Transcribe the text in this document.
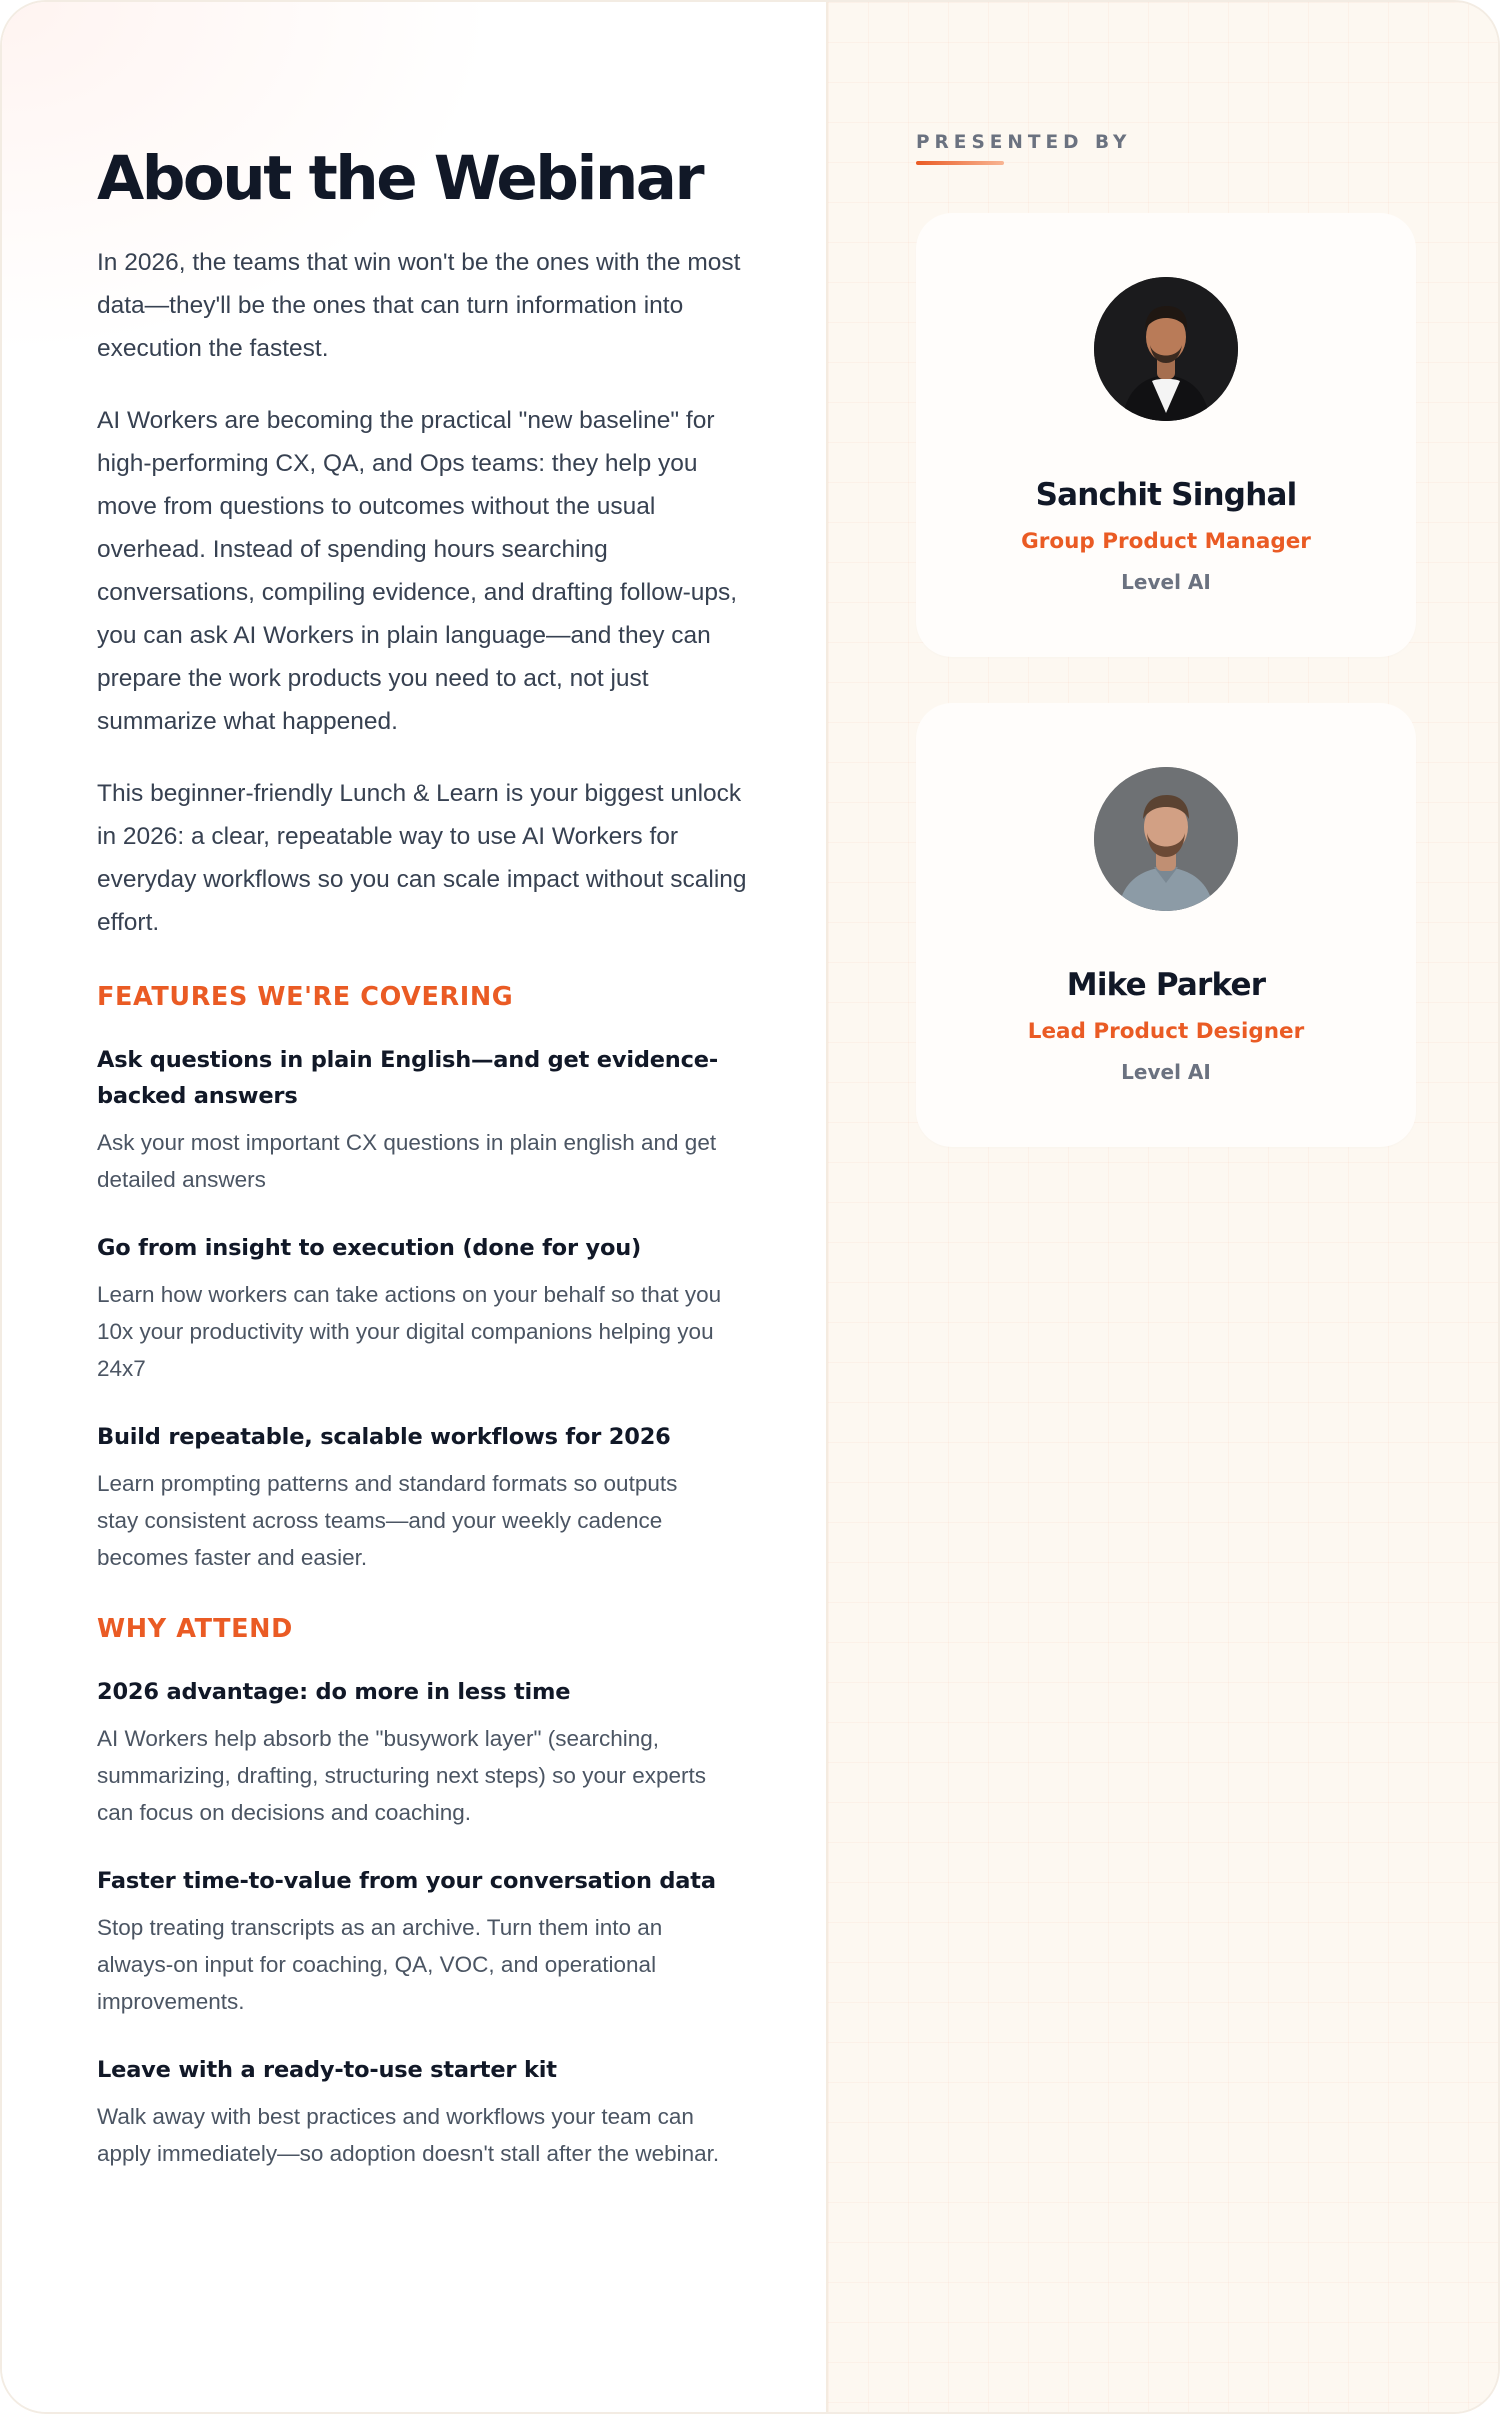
About the Webinar

In 2026, the teams that win won't be the ones with the most data—they'll be the ones that can turn information into execution the fastest.

AI Workers are becoming the practical "new baseline" for high-performing CX, QA, and Ops teams: they help you move from questions to outcomes without the usual overhead. Instead of spending hours searching conversations, compiling evidence, and drafting follow-ups, you can ask AI Workers in plain language—and they can prepare the work products you need to act, not just summarize what happened.

This beginner-friendly Lunch & Learn is your biggest unlock in 2026: a clear, repeatable way to use AI Workers for everyday workflows so you can scale impact without scaling effort.

FEATURES WE'RE COVERING
Ask questions in plain English—and get evidence-backed answers
Ask your most important CX questions in plain english and get detailed answers
Go from insight to execution (done for you)
Learn how workers can take actions on your behalf so that you 10x your productivity with your digital companions helping you 24x7
Build repeatable, scalable workflows for 2026
Learn prompting patterns and standard formats so outputs stay consistent across teams—and your weekly cadence becomes faster and easier.
WHY ATTEND
2026 advantage: do more in less time
AI Workers help absorb the "busywork layer" (searching, summarizing, drafting, structuring next steps) so your experts can focus on decisions and coaching.
Faster time-to-value from your conversation data
Stop treating transcripts as an archive. Turn them into an always-on input for coaching, QA, VOC, and operational improvements.
Leave with a ready-to-use starter kit
Walk away with best practices and workflows your team can apply immediately—so adoption doesn't stall after the webinar.
PRESENTED BY
Sanchit Singhal
Group Product Manager
Level AI
Mike Parker
Lead Product Designer
Level AI
